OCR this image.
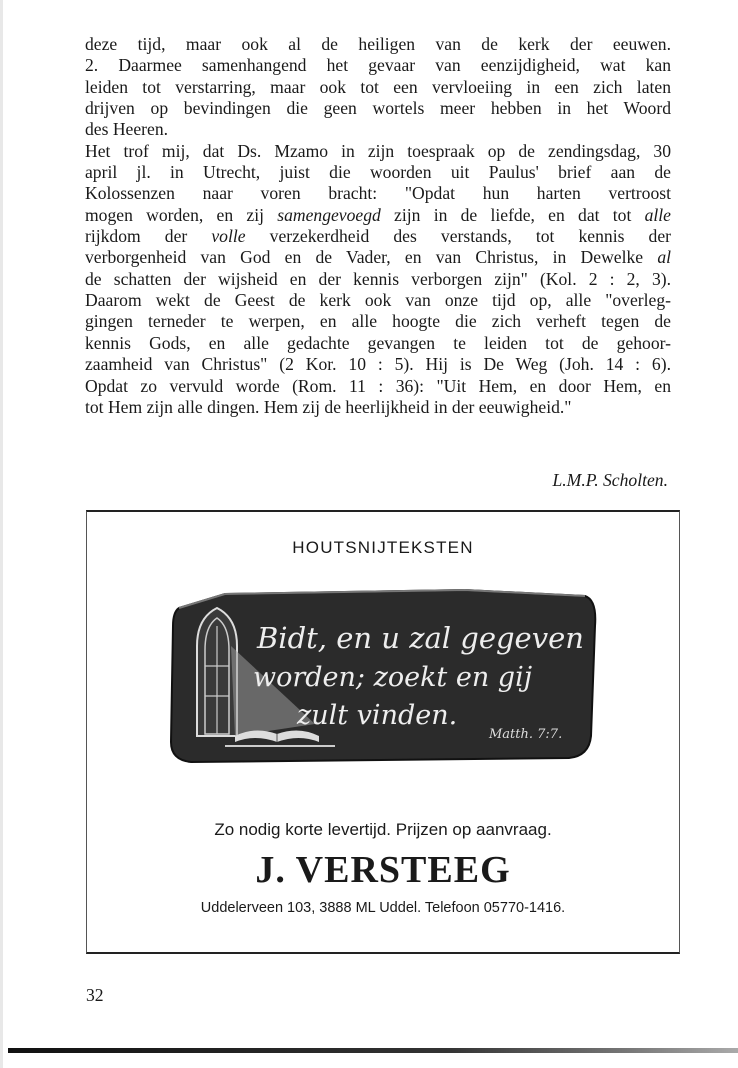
deze tijd, maar ook al de heiligen van de kerk der eeuwen.
2. Daarmee samenhangend het gevaar van eenzijdigheid, wat kan
leiden tot verstarring, maar ook tot een vervloeiing in een zich laten
drijven op bevindingen die geen wortels meer hebben in het Woord
des Heeren.
Het trof mij, dat Ds. Mzamo in zijn toespraak op de zendingsdag, 30
april jl. in Utrecht, juist die woorden uit Paulus' brief aan de
Kolossenzen naar voren bracht: "Opdat hun harten vertroost
mogen worden, en zij samengevoegd zijn in de liefde, en dat tot alle
rijkdom der volle verzekerdheid des verstands, tot kennis der
verborgenheid van God en de Vader, en van Christus, in Dewelke al
de schatten der wijsheid en der kennis verborgen zijn" (Kol. 2 : 2, 3).
Daarom wekt de Geest de kerk ook van onze tijd op, alle "overleg-
gingen terneder te werpen, en alle hoogte die zich verheft tegen de
kennis Gods, en alle gedachte gevangen te leiden tot de gehoor-
zaamheid van Christus" (2 Kor. 10 : 5). Hij is De Weg (Joh. 14 : 6).
Opdat zo vervuld worde (Rom. 11 : 36): "Uit Hem, en door Hem, en
tot Hem zijn alle dingen. Hem zij de heerlijkheid in der eeuwigheid."
L.M.P. Scholten.
HOUTSNIJTEKSTEN
Bidt, en u zal gegeven
worden; zoekt en gij
zult vinden.
Matth. 7:7.
Zo nodig korte levertijd. Prijzen op aanvraag.
J. VERSTEEG
Uddelerveen 103, 3888 ML Uddel. Telefoon 05770-1416.
32
